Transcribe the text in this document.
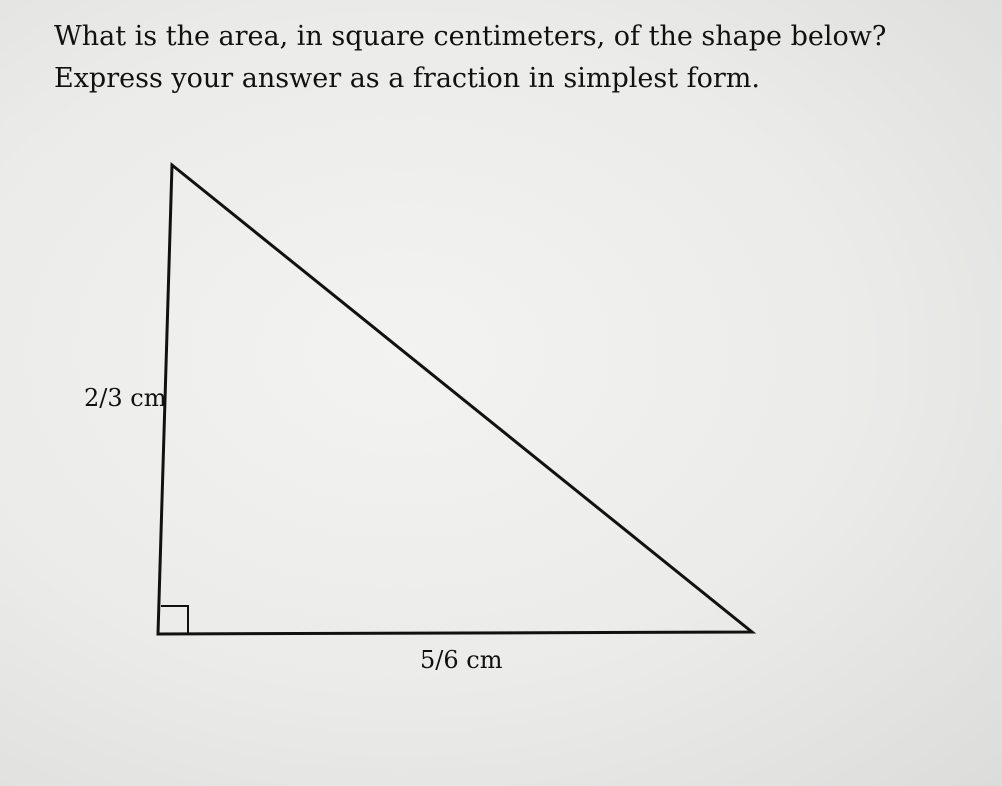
What is the area, in square centimeters, of the shape below? Express your answer as a fraction in simplest form.

2/3 cm
5/6 cm
